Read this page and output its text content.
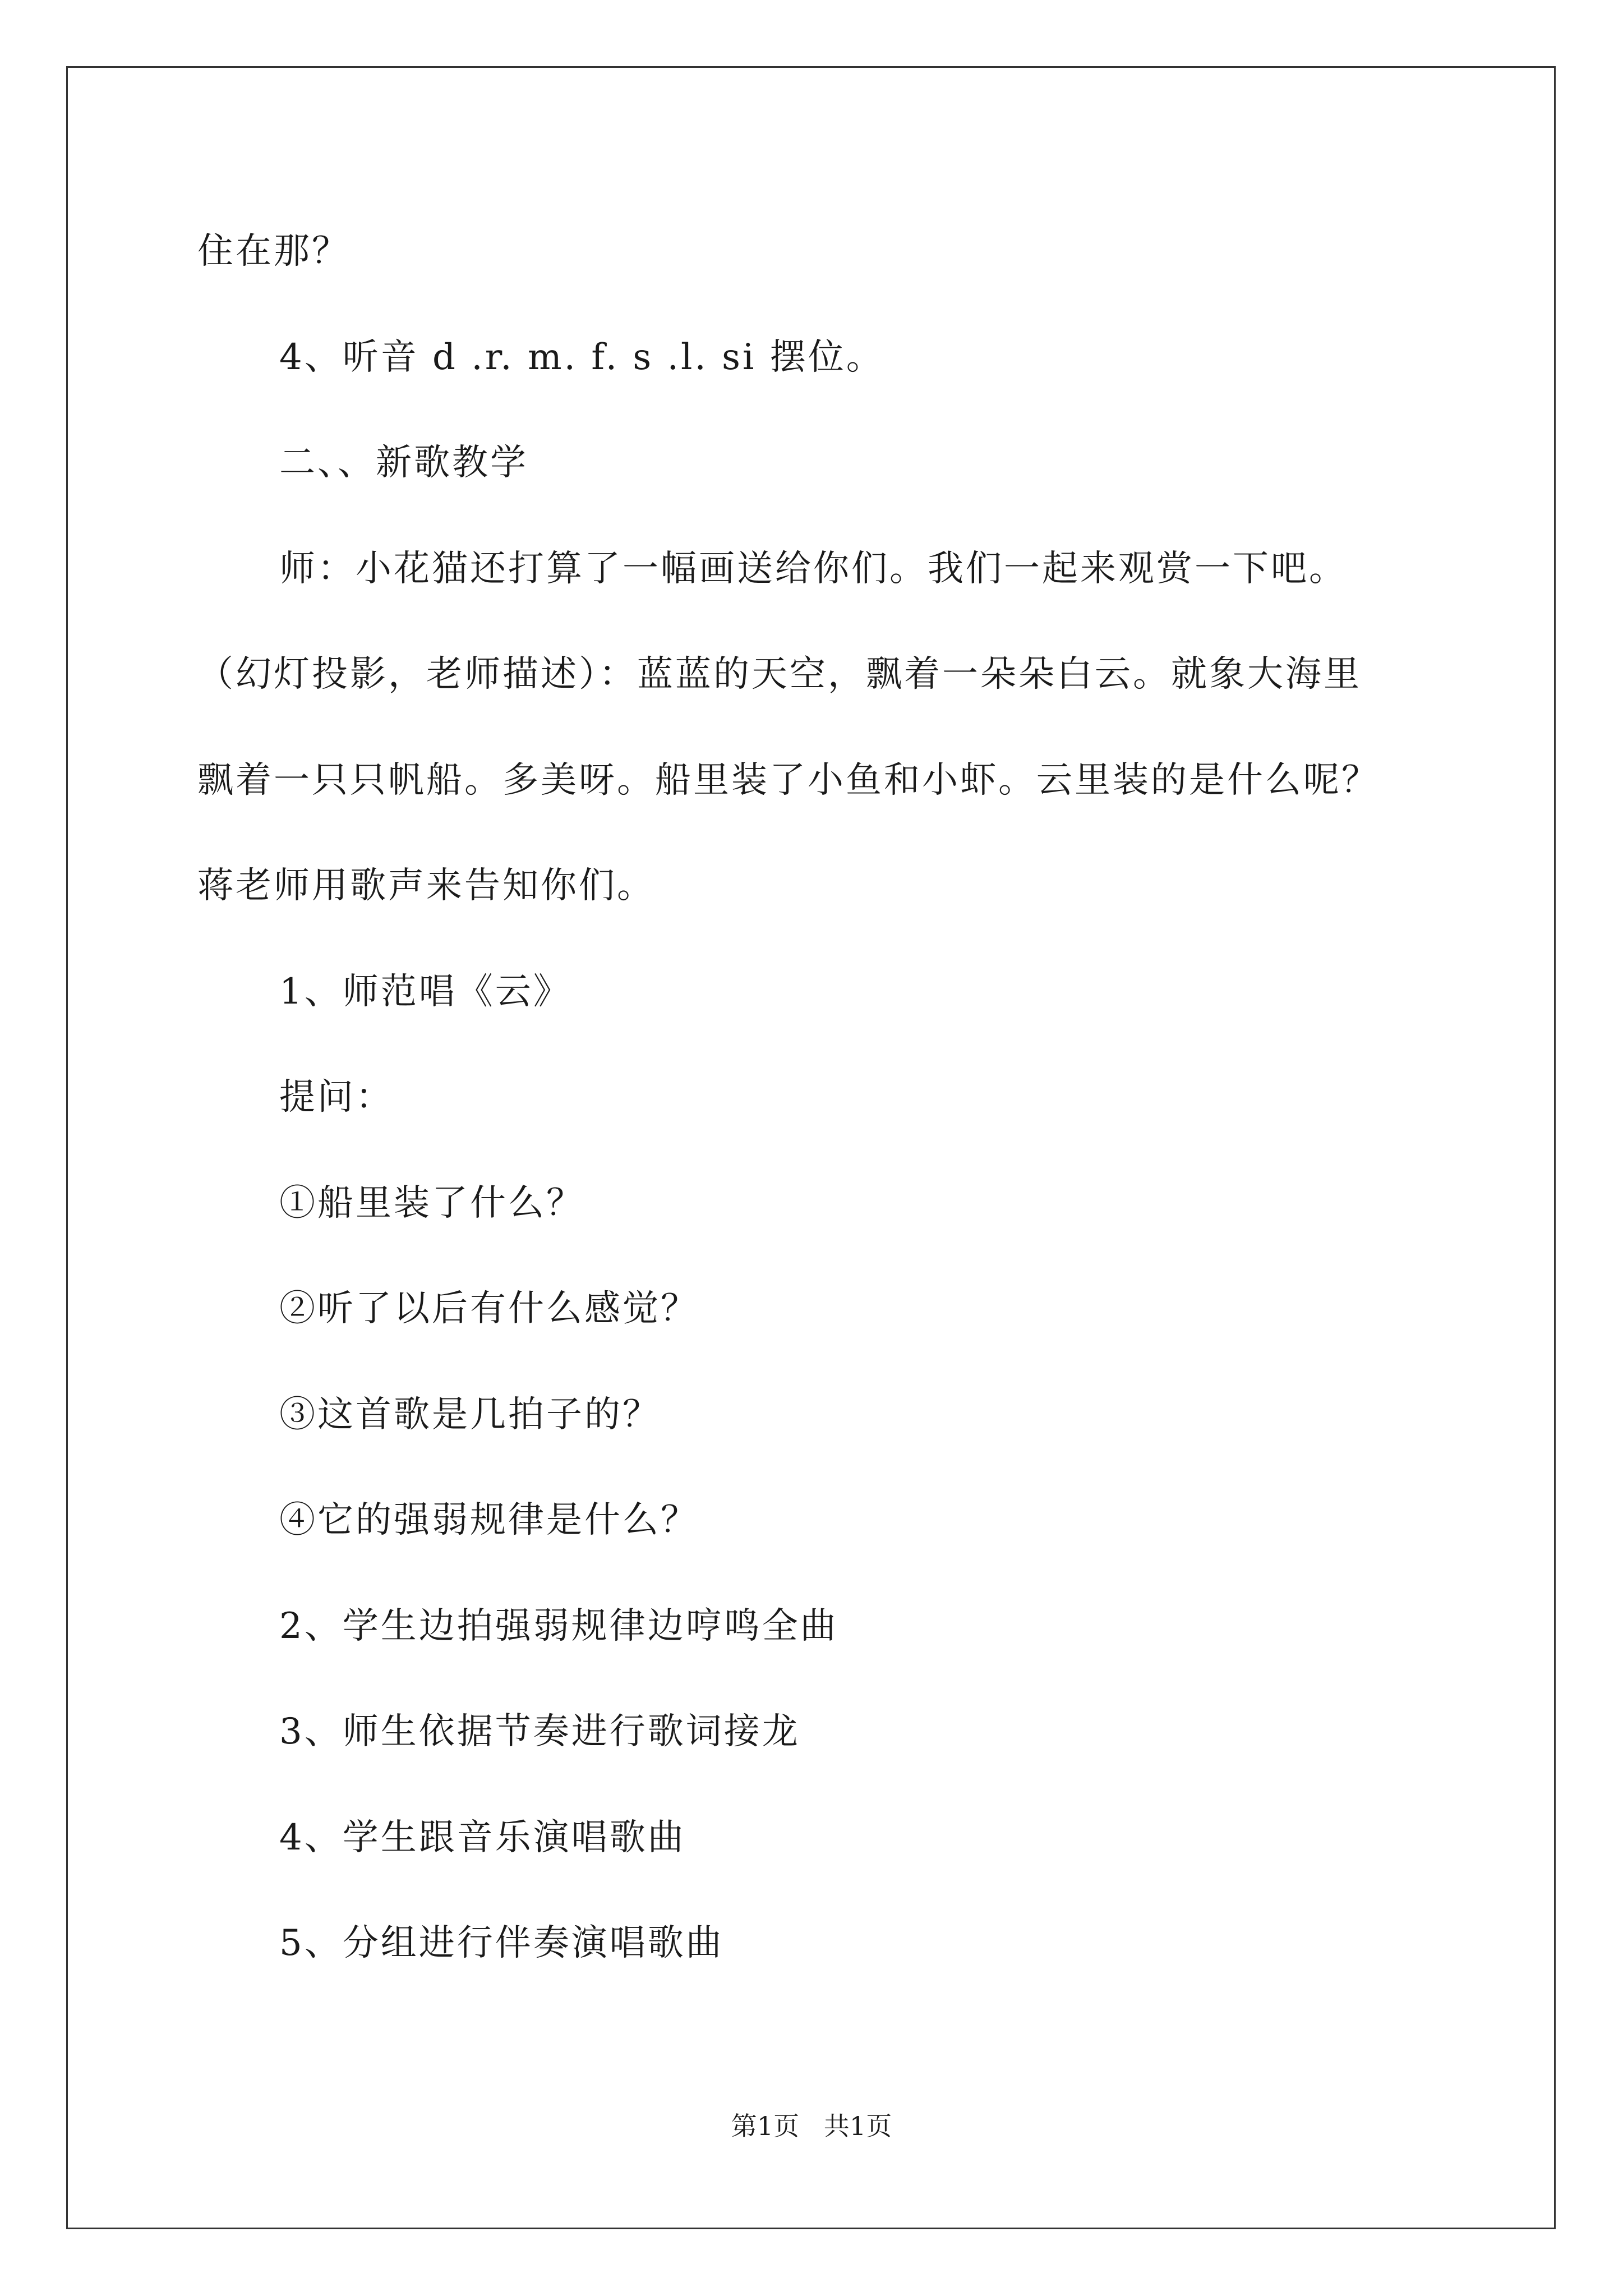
住在那？
4、听音 d .r. m. f. s .l. si 摆位。
二、、新歌教学
师：小花猫还打算了一幅画送给你们。我们一起来观赏一下吧。
（幻灯投影，老师描述）：蓝蓝的天空，飘着一朵朵白云。就象大海里
飘着一只只帆船。多美呀。船里装了小鱼和小虾。云里装的是什么呢？
蒋老师用歌声来告知你们。
1、师范唱《云》
提问：
①船里装了什么？
②听了以后有什么感觉？
③这首歌是几拍子的？
④它的强弱规律是什么？
2、学生边拍强弱规律边哼鸣全曲
3、师生依据节奏进行歌词接龙
4、学生跟音乐演唱歌曲
5、分组进行伴奏演唱歌曲
第1页   共1页
